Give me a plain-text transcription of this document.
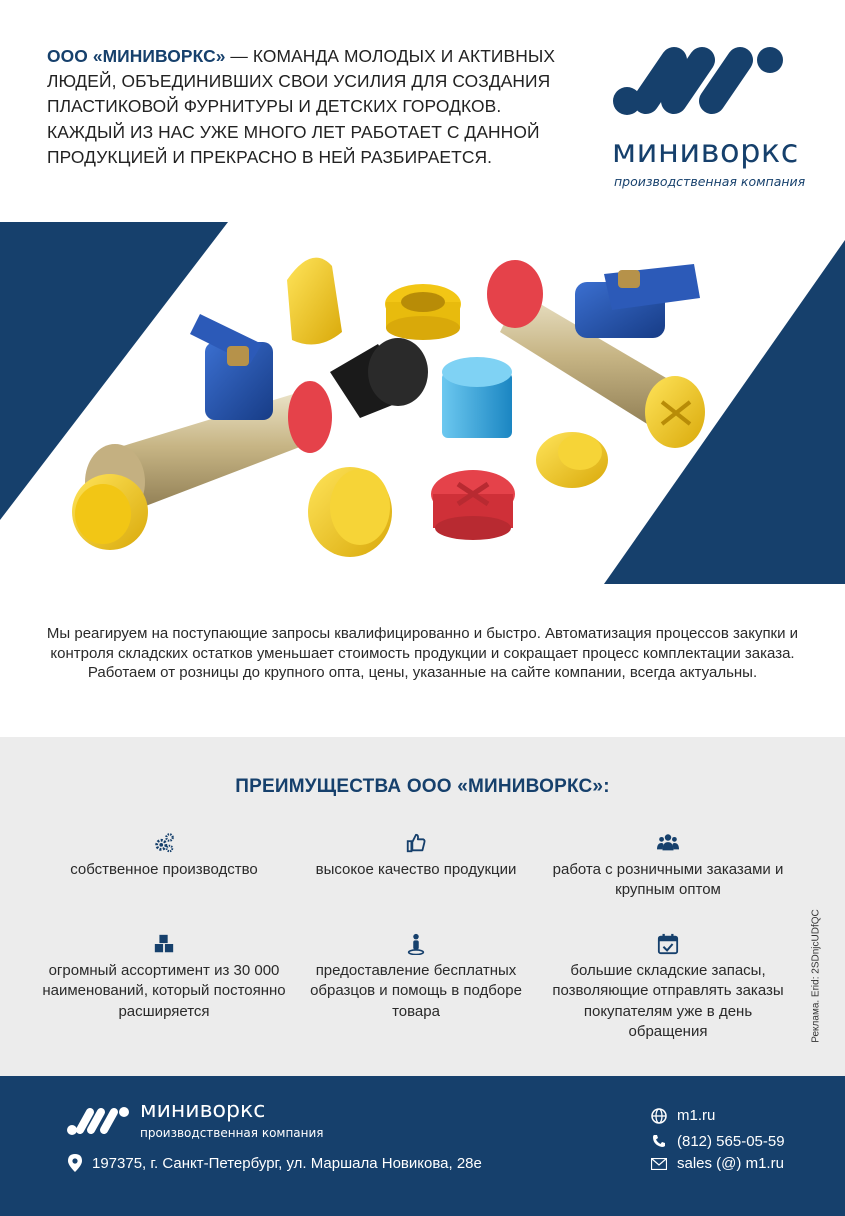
ООО «МИНИВОРКС» — КОМАНДА МОЛОДЫХ И АКТИВНЫХ ЛЮДЕЙ, ОБЪЕДИНИВШИХ СВОИ УСИЛИЯ ДЛЯ СОЗДАНИЯ ПЛАСТИКОВОЙ ФУРНИТУРЫ И ДЕТСКИХ ГОРОДКОВ. КАЖДЫЙ ИЗ НАС УЖЕ МНОГО ЛЕТ РАБОТАЕТ С ДАННОЙ ПРОДУКЦИЕЙ И ПРЕКРАСНО В НЕЙ РАЗБИРАЕТСЯ.	миниворкс
производственная компания
Мы реагируем на поступающие запросы квалифицированно и быстро. Автоматизация процессов закупки и контроля складских остатков уменьшает стоимость продукции и сокращает процесс комплектации заказа. Работаем от розницы до крупного опта, цены, указанные на сайте компании, всегда актуальны.
ПРЕИМУЩЕСТВА ООО «МИНИВОРКС»:
собственное производство	высокое качество продукции	работа с розничными заказами и крупным оптом
огромный ассортимент из 30 000 наименований, который постоянно расширяется
предоставление бесплатных образцов и помощь в подборе товара
большие складские запасы, позволяющие отправлять заказы покупателям уже в день обращения	Реклама. Erid: 2SDnjcUDfQC
миниворкс
производственная компания
197375, г. Санкт-Петербург, ул. Маршала Новикова, 28е
m1.ru
(812) 565-05-59
sales (@) m1.ru
